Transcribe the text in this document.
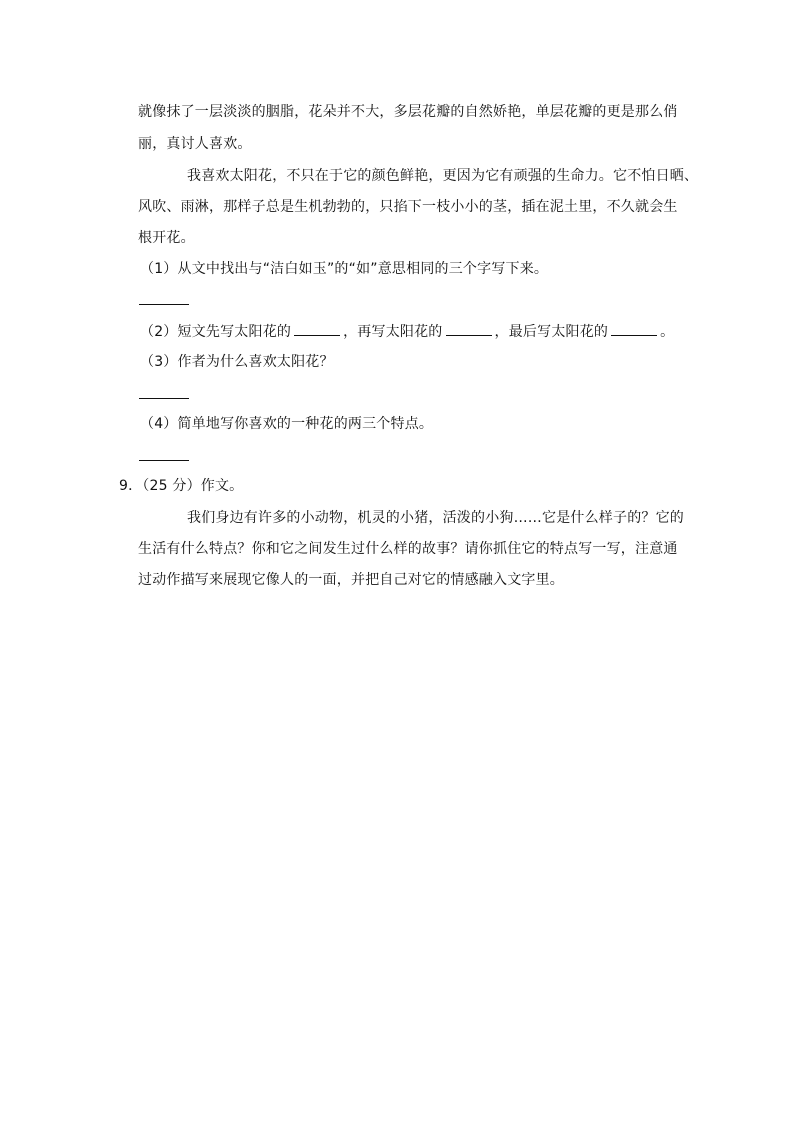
就像抹了一层淡淡的胭脂，花朵并不大，多层花瓣的自然娇艳，单层花瓣的更是那么俏
丽，真讨人喜欢。
我喜欢太阳花，不只在于它的颜色鲜艳，更因为它有顽强的生命力。它不怕日晒、
风吹、雨淋，那样子总是生机勃勃的，只掐下一枝小小的茎，插在泥土里，不久就会生
根开花。
（1）从文中找出与“洁白如玉”的“如”意思相同的三个字写下来。
（2）短文先写太阳花的	，再写太阳花的	，最后写太阳花的	。
（3）作者为什么喜欢太阳花？
（4）简单地写你喜欢的一种花的两三个特点。
9．（25 分）作文。
我们身边有许多的小动物，机灵的小猪，活泼的小狗……它是什么样子的？它的
生活有什么特点？你和它之间发生过什么样的故事？请你抓住它的特点写一写，注意通
过动作描写来展现它像人的一面，并把自己对它的情感融入文字里。
